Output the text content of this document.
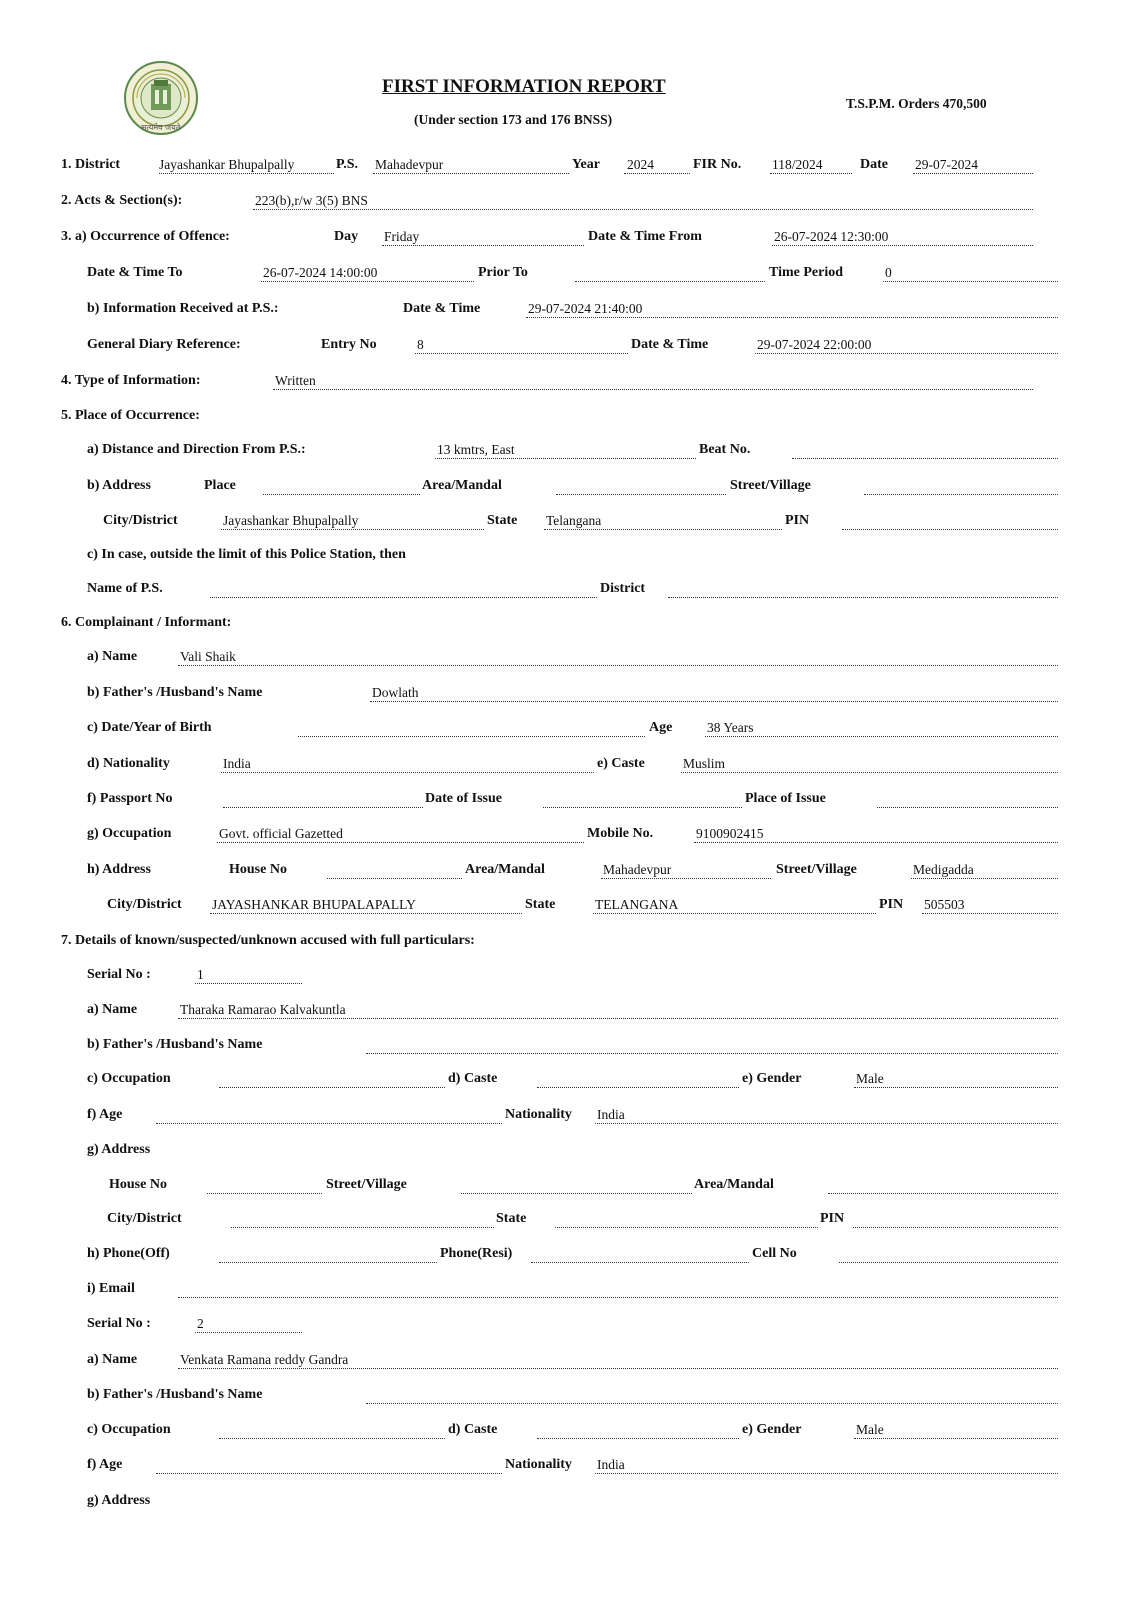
सत्यमेव जयते
FIRST INFORMATION REPORT
(Under section 173 and 176 BNSS)
T.S.P.M. Orders 470,500
1. District	Jayashankar Bhupalpally	P.S. Mahadevpur	Year 2024	FIR No. 118/2024	Date 29-07-2024
2. Acts & Section(s):	223(b),r/w 3(5) BNS
3. a) Occurrence of Offence:	Day Friday	Date & Time From	26-07-2024 12:30:00
Date & Time To	26-07-2024 14:00:00	Prior To	Time Period	0
b) Information Received at P.S.:	Date & Time	29-07-2024 21:40:00
General Diary Reference:	Entry No	8	Date & Time	29-07-2024 22:00:00
4. Type of Information:	Written
5. Place of Occurrence:
a) Distance and Direction From P.S.:	13 kmtrs, East	Beat No.
b) Address	Place	Area/Mandal	Street/Village
City/District	Jayashankar Bhupalpally	State Telangana	PIN
c) In case, outside the limit of this Police Station, then
Name of P.S.	District
6. Complainant / Informant:
a) Name	Vali Shaik
b) Father's /Husband's Name	Dowlath
c) Date/Year of Birth	Age	38 Years
d) Nationality	India	e) Caste	Muslim
f) Passport No	Date of Issue	Place of Issue
g) Occupation	Govt. official Gazetted	Mobile No.	9100902415
h) Address	House No	Area/Mandal	Mahadevpur	Street/Village	Medigadda
City/District JAYASHANKAR BHUPALAPALLY	State	TELANGANA	PIN 505503
7. Details of known/suspected/unknown accused with full particulars:
Serial No :	1
a) Name	Tharaka Ramarao Kalvakuntla
b) Father's /Husband's Name
c) Occupation	d) Caste	e) Gender	Male
f) Age	Nationality India
g) Address
House No	Street/Village	Area/Mandal
City/District	State	PIN
h) Phone(Off)	Phone(Resi)	Cell No
i) Email
Serial No :	2
a) Name	Venkata Ramana reddy Gandra
b) Father's /Husband's Name
c) Occupation	d) Caste	e) Gender	Male
f) Age	Nationality India
g) Address
